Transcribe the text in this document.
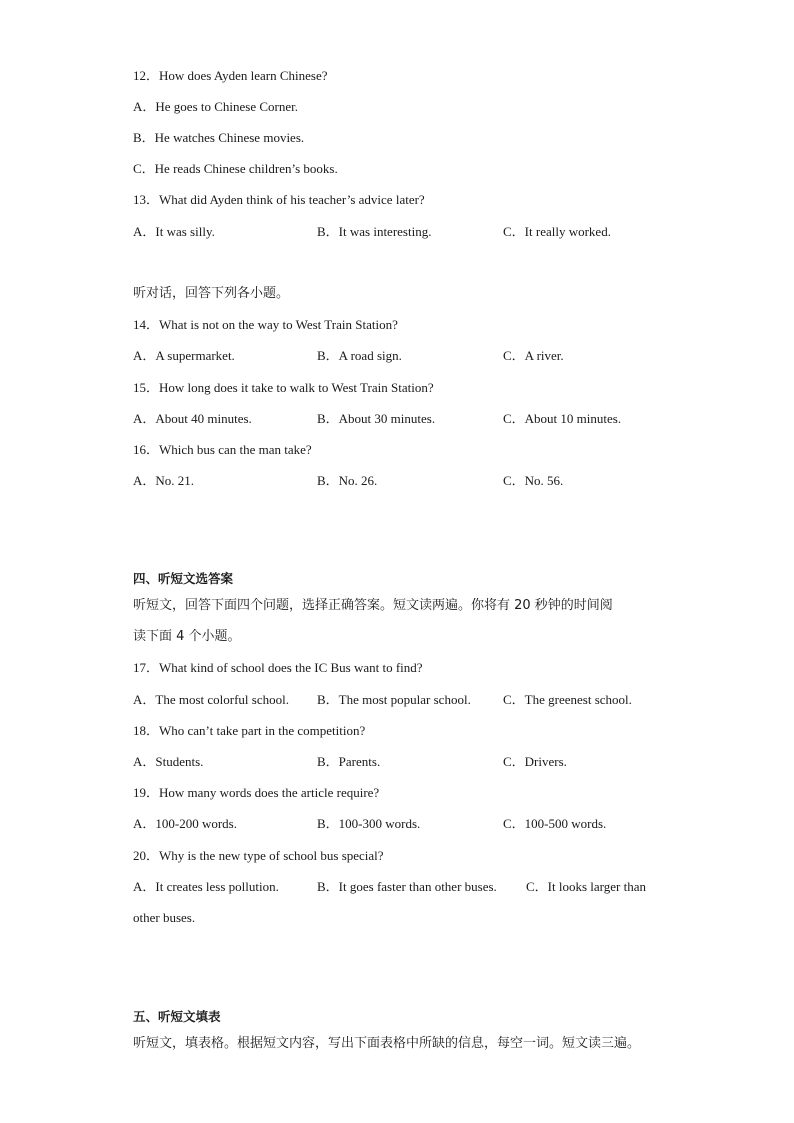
12．How does Ayden learn Chinese?
A．He goes to Chinese Corner.
B．He watches Chinese movies.
C．He reads Chinese children’s books.
13．What did Ayden think of his teacher’s advice later?
A．It was silly.	B．It was interesting.	C．It really worked.
听对话，回答下列各小题。
14．What is not on the way to West Train Station?
A．A supermarket.	B．A road sign.	C．A river.
15．How long does it take to walk to West Train Station?
A．About 40 minutes.	B．About 30 minutes.	C．About 10 minutes.
16．Which bus can the man take?
A．No. 21.	B．No. 26.	C．No. 56.
四、听短文选答案
听短文，回答下面四个问题，选择正确答案。短文读两遍。你将有 20 秒钟的时间阅
读下面 4 个小题。
17．What kind of school does the IC Bus want to find?
A．The most colorful school. B．The most popular school. C．The greenest school.
18．Who can’t take part in the competition?
A．Students.	B．Parents.	C．Drivers.
19．How many words does the article require?
A．100-200 words.	B．100-300 words.	C．100-500 words.
20．Why is the new type of school bus special?
A．It creates less pollution.	B．It goes faster than other buses. C．It looks larger than
other buses.
五、听短文填表
听短文，填表格。根据短文内容，写出下面表格中所缺的信息，每空一词。短文读三遍。
